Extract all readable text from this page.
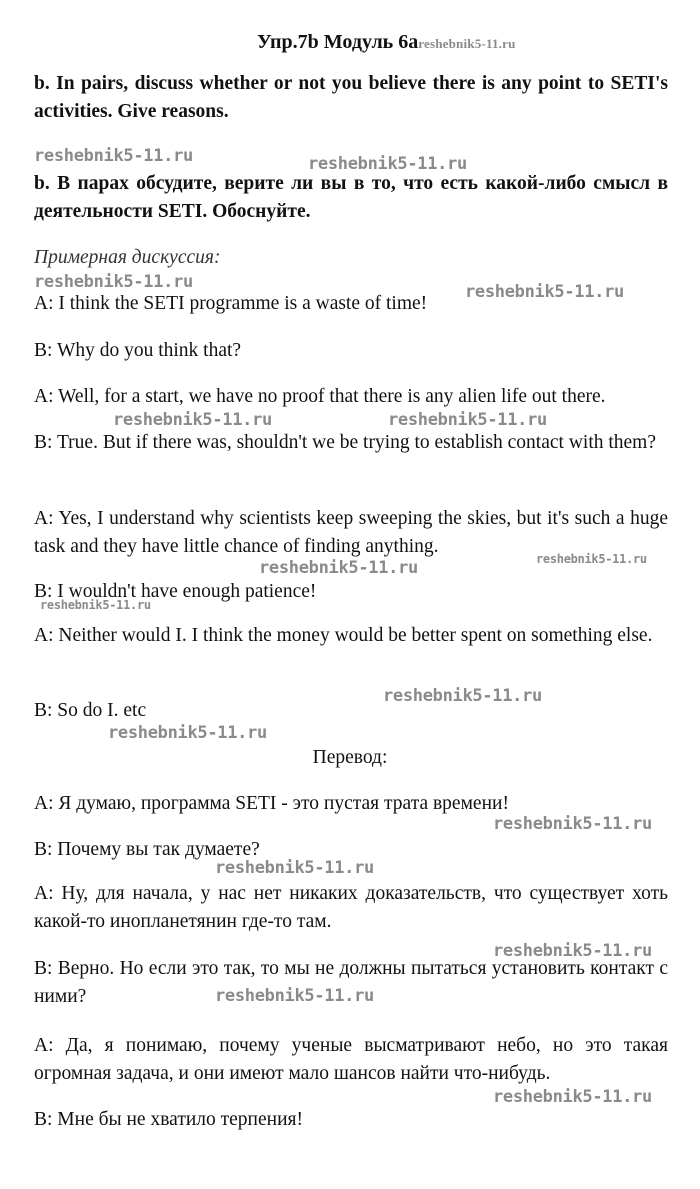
Упр.7b Модуль 6areshebnik5-11.ru

b. In pairs, discuss whether or not you believe there is any point to SETI's activities. Give reasons.

b. В парах обсудите, верите ли вы в то, что есть какой-либо смысл в деятельности SETI. Обоснуйте.

Примерная дискуссия:

A: I think the SETI programme is a waste of time!

B: Why do you think that?

A: Well, for a start, we have no proof that there is any alien life out there.

B: True. But if there was, shouldn't we be trying to establish contact with them?

A: Yes, I understand why scientists keep sweeping the skies, but it's such a huge task and they have little chance of finding anything.

B: I wouldn't have enough patience!

A: Neither would I. I think the money would be better spent on something else.

B: So do I. etc

Перевод:

А: Я думаю, программа SETI - это пустая трата времени!

В: Почему вы так думаете?

А: Ну, для начала, у нас нет никаких доказательств, что существует хоть какой-то инопланетянин где-то там.

В: Верно. Но если это так, то мы не должны пытаться установить контакт с ними?

А: Да, я понимаю, почему ученые высматривают небо, но это такая огромная задача, и они имеют мало шансов найти что-нибудь.

В: Мне бы не хватило терпения!

reshebnik5-11.ru	reshebnik5-11.ru
reshebnik5-11.ru	reshebnik5-11.ru
reshebnik5-11.ru	reshebnik5-11.ru
reshebnik5-11.ru	reshebnik5-11.ru
reshebnik5-11.ru
reshebnik5-11.ru
reshebnik5-11.ru
reshebnik5-11.ru
reshebnik5-11.ru
reshebnik5-11.ru
reshebnik5-11.ru
reshebnik5-11.ru
